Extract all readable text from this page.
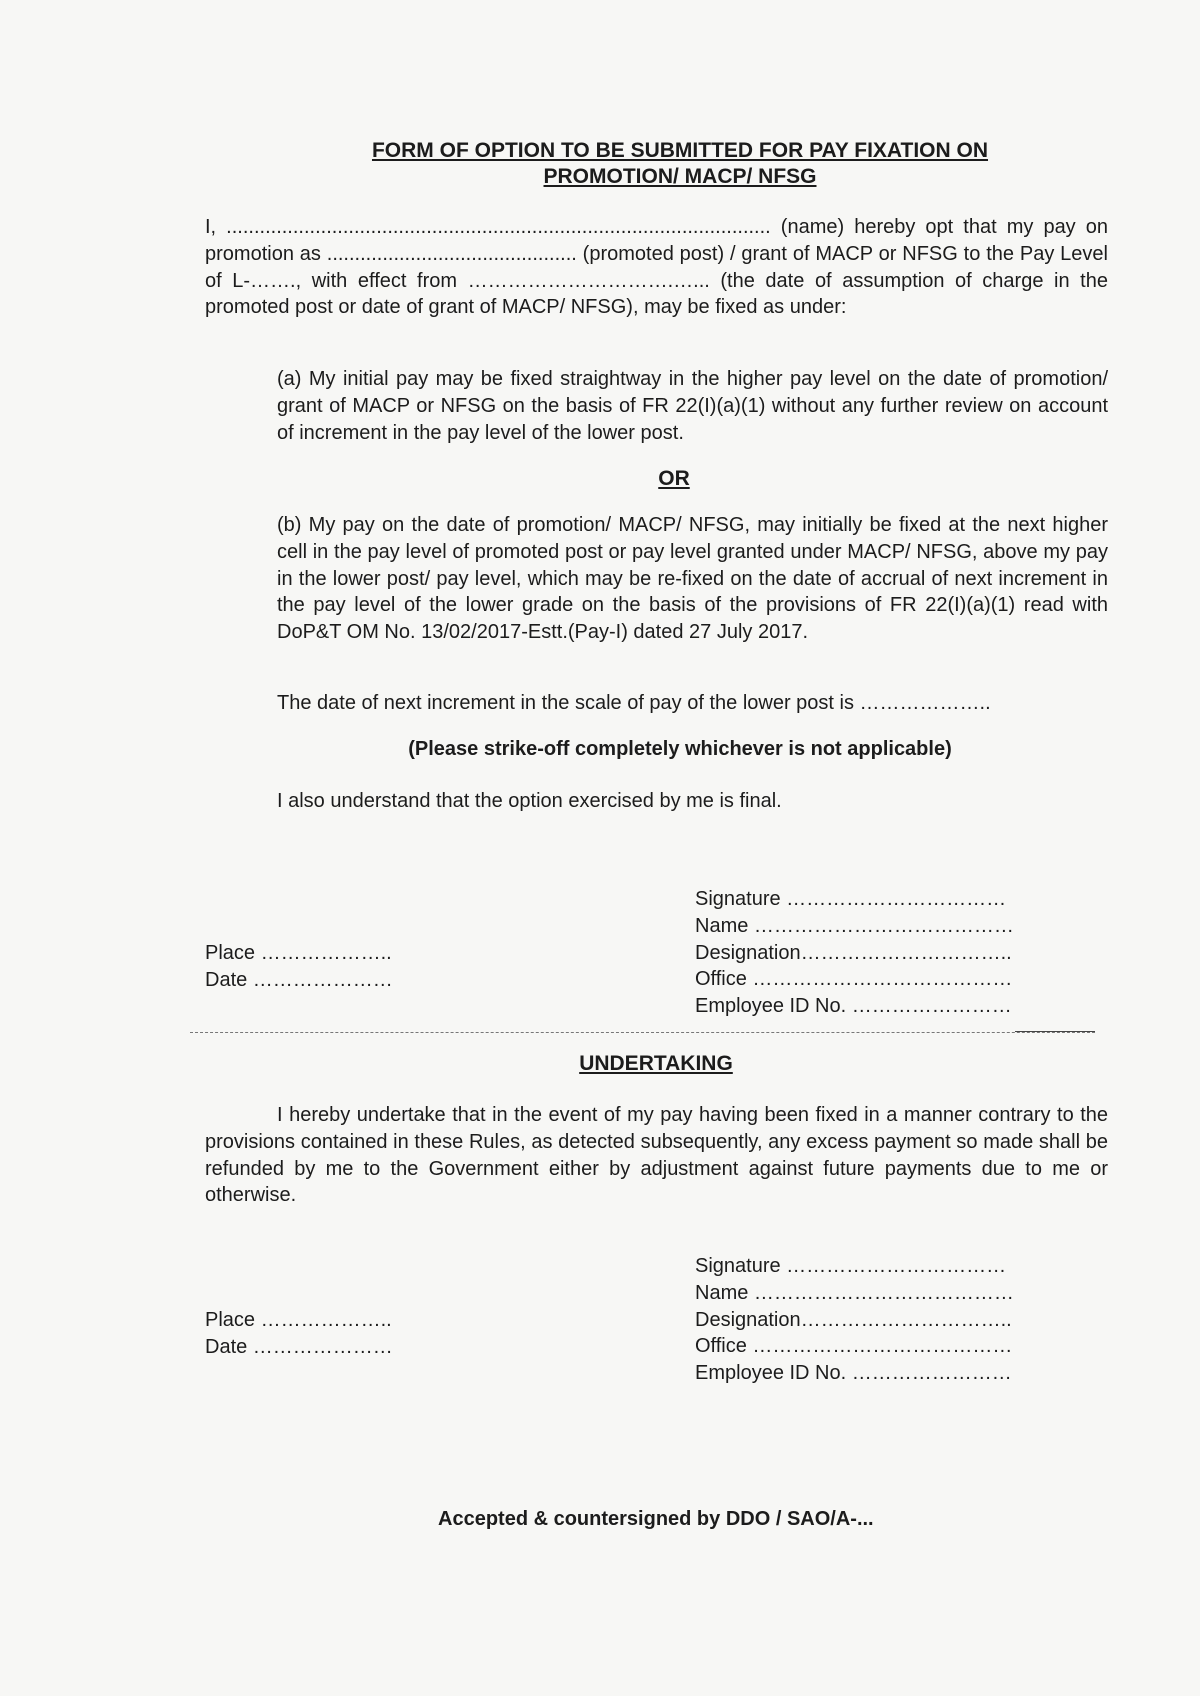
FORM OF OPTION TO BE SUBMITTED FOR PAY FIXATION ON
PROMOTION/ MACP/ NFSG

I, .................................................................................................. (name) hereby opt that my pay on promotion as ............................................. (promoted post) / grant of MACP or NFSG to the Pay Level of L-……., with effect from ………………………….…... (the date of assumption of charge in the promoted post or date of grant of MACP/ NFSG), may be fixed as under:

(a) My initial pay may be fixed straightway in the higher pay level on the date of promotion/ grant of MACP or NFSG on the basis of FR 22(I)(a)(1) without any further review on account of increment in the pay level of the lower post.

OR

(b) My pay on the date of promotion/ MACP/ NFSG, may initially be fixed at the next higher cell in the pay level of promoted post or pay level granted under MACP/ NFSG, above my pay in the lower post/ pay level, which may be re-fixed on the date of accrual of next increment in the pay level of the lower grade on the basis of the provisions of FR 22(I)(a)(1) read with DoP&T OM No. 13/02/2017-Estt.(Pay-I) dated 27 July 2017.

The date of next increment in the scale of pay of the lower post is ………………..

(Please strike-off completely whichever is not applicable)

I also understand that the option exercised by me is final.

Signature ……………………………
Name …………………………………
Designation…………………………..
Office …………………………………
Employee ID No. ……………………
Place ………………..
Date …………………
UNDERTAKING

I hereby undertake that in the event of my pay having been fixed in a manner contrary to the provisions contained in these Rules, as detected subsequently, any excess payment so made shall be refunded by me to the Government either by adjustment against future payments due to me or otherwise.

Signature ……………………………
Name …………………………………
Designation…………………………..
Office …………………………………
Employee ID No. ……………………
Place ………………..
Date …………………
Accepted & countersigned by DDO / SAO/A-...
